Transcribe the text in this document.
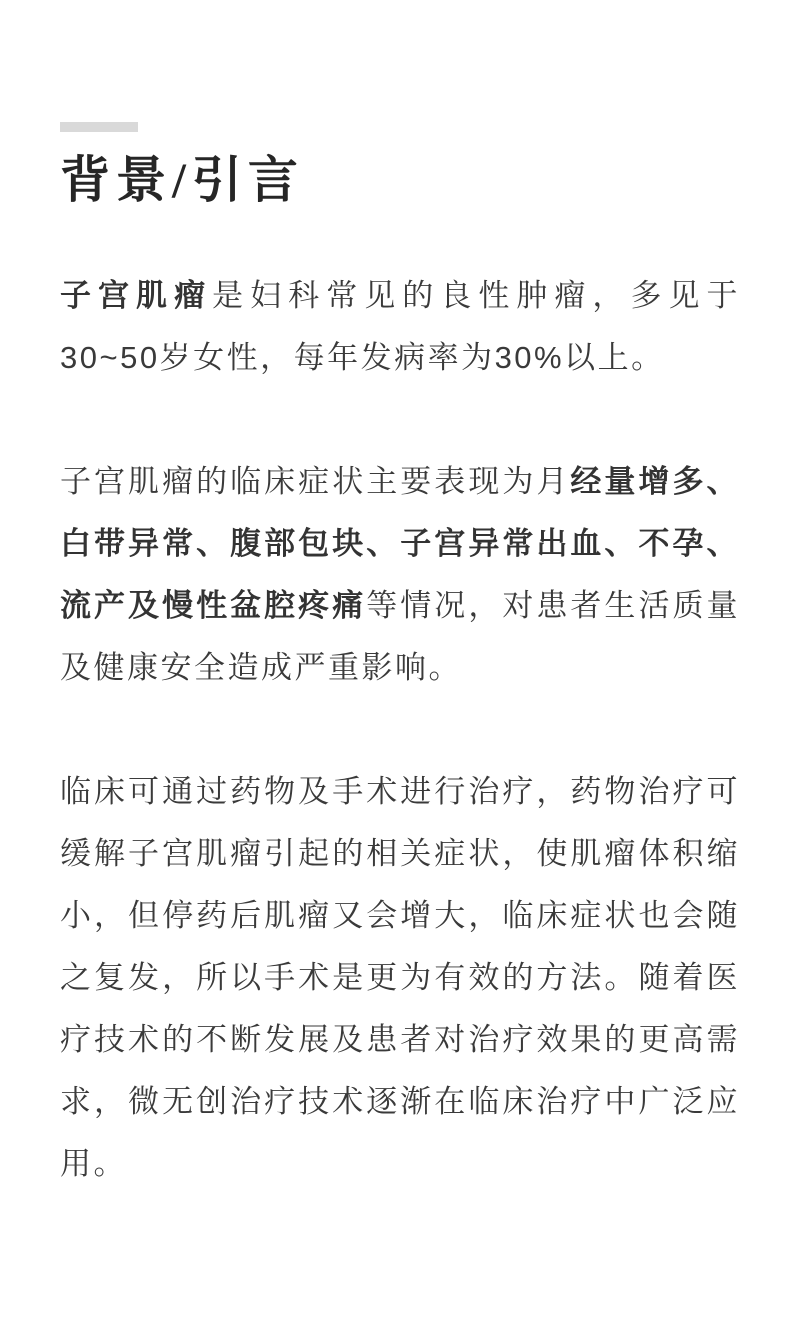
背景/引言

子宫肌瘤是妇科常见的良性肿瘤，多见于30~50岁女性，每年发病率为30%以上。

子宫肌瘤的临床症状主要表现为月经量增多、白带异常、腹部包块、子宫异常出血、不孕、流产及慢性盆腔疼痛等情况，对患者生活质量及健康安全造成严重影响。

临床可通过药物及手术进行治疗，药物治疗可缓解子宫肌瘤引起的相关症状，使肌瘤体积缩小，但停药后肌瘤又会增大，临床症状也会随之复发，所以手术是更为有效的方法。随着医疗技术的不断发展及患者对治疗效果的更高需求，微无创治疗技术逐渐在临床治疗中广泛应用。
